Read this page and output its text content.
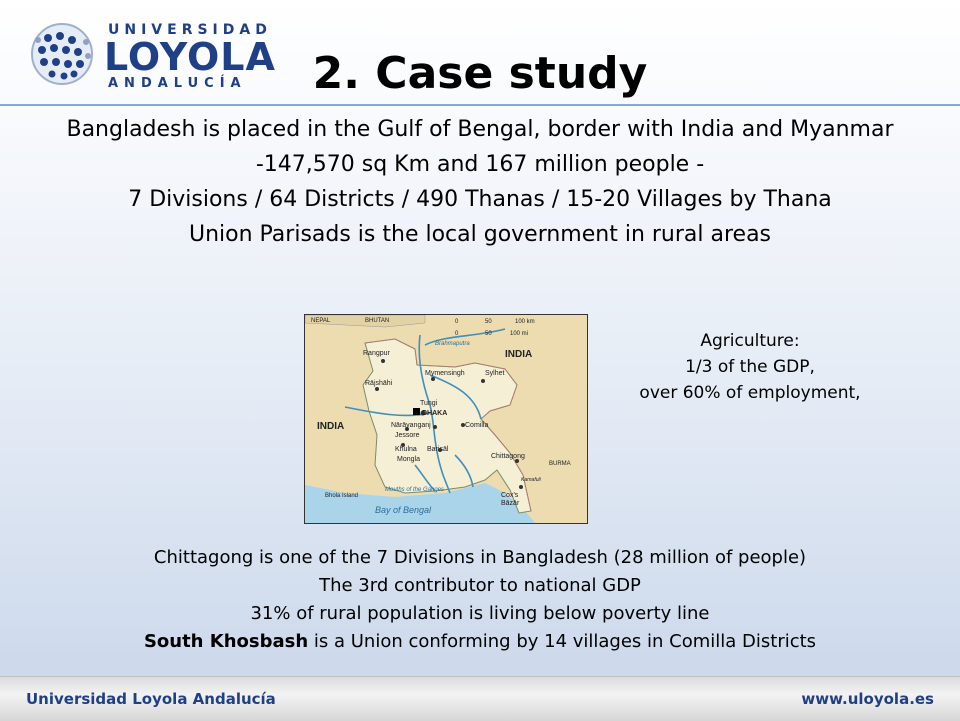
UNIVERSIDAD
LOYOLA
ANDALUCÍA	2. Case study

Bangladesh is placed in the Gulf of Bengal, border with India and Myanmar

-147,570 sq Km and 167 million people -

7 Divisions / 64 Districts / 490 Thanas / 15-20 Villages by Thana

Union Parisads is the local government in rural areas

NEPAL	BHUTAN	0	50	100 km
0	50	100 mi
INDIA
INDIA
BURMA
Rangpur
Brahmaputra
Rājshāhi
Mymensingh	Sylhet
Tungi
DHAKA
Nārāyanganj
Jessore
Comilla
Khulna Barisāl
Mongla	Chittagong
Karnafuli
Bhola Island
Mouths of the Ganges
Cox's
Bāzār
Bay of Bengal
Agriculture:
1/3 of the GDP,
over 60% of employment,
Chittagong is one of the 7 Divisions in Bangladesh (28 million of people)
The 3rd contributor to national GDP
31% of rural population is living below poverty line
South Khosbash is a Union conforming by 14 villages in Comilla Districts
Universidad Loyola Andalucía	www.uloyola.es
